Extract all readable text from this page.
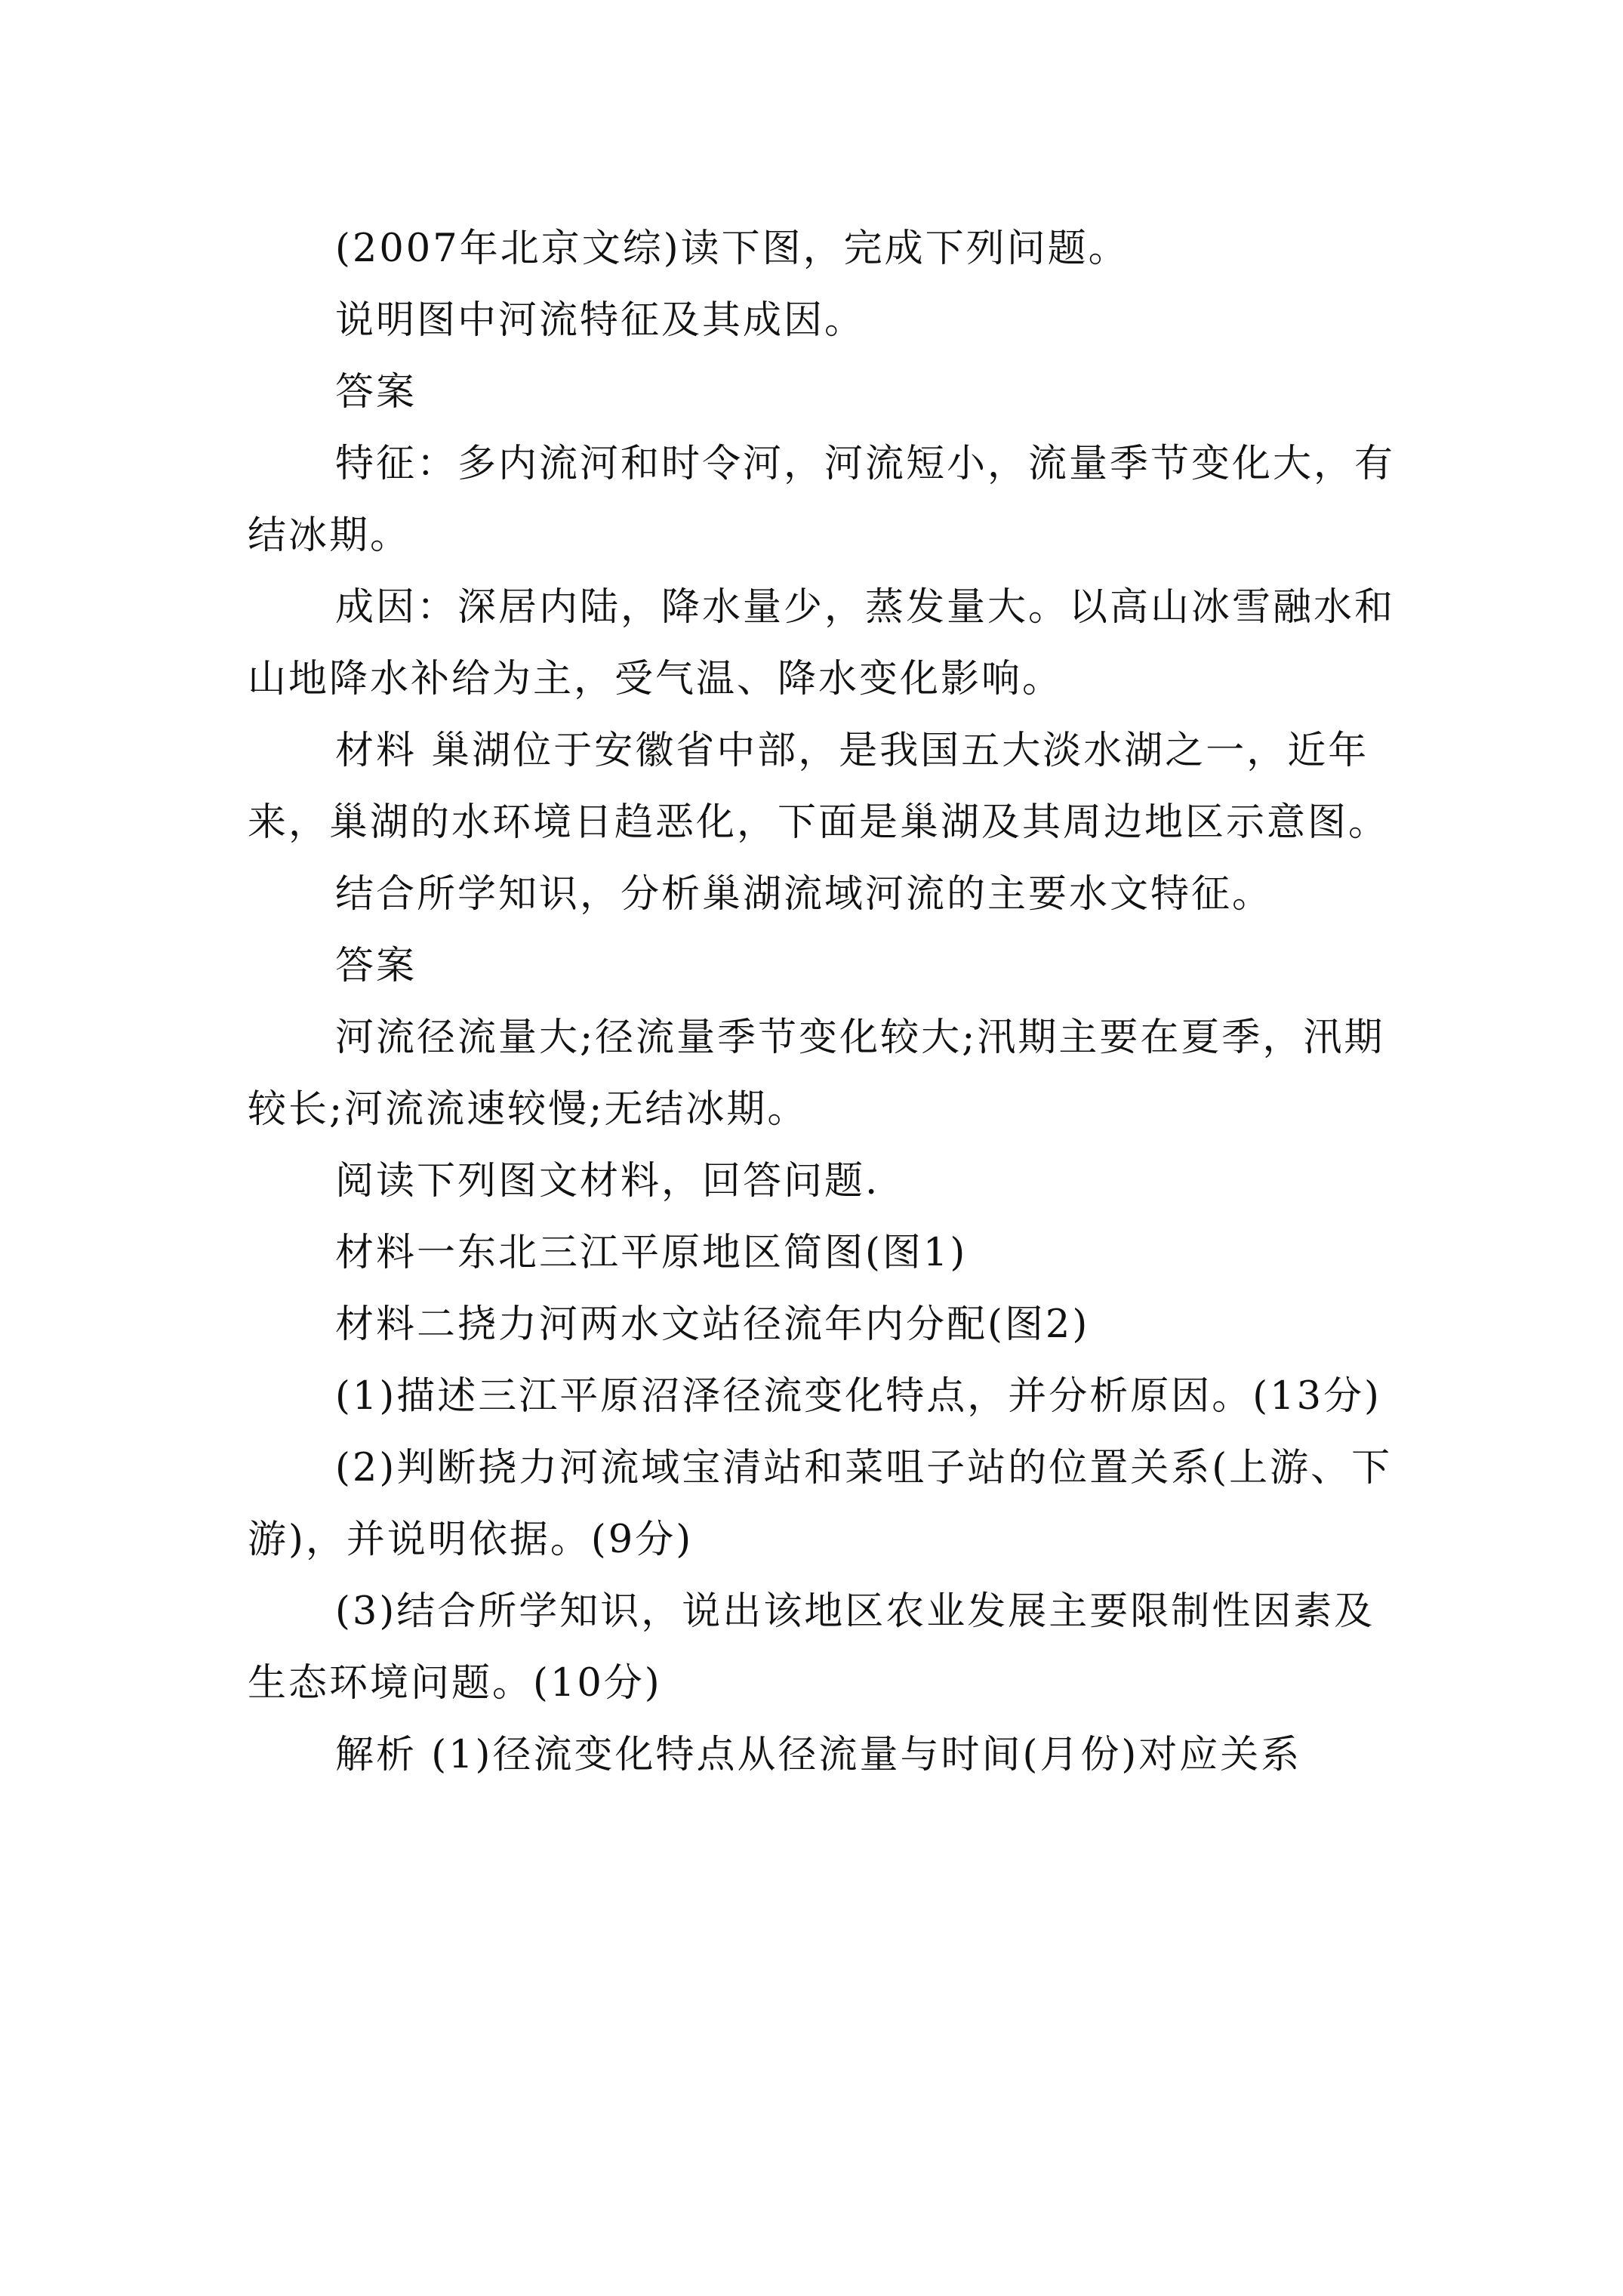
(2007年北京文综)读下图，完成下列问题。

说明图中河流特征及其成因。

答案

特征：多内流河和时令河，河流短小，流量季节变化大，有结冰期。

成因：深居内陆，降水量少，蒸发量大。以高山冰雪融水和山地降水补给为主，受气温、降水变化影响。

材料 巢湖位于安徽省中部，是我国五大淡水湖之一，近年来，巢湖的水环境日趋恶化，下面是巢湖及其周边地区示意图。

结合所学知识，分析巢湖流域河流的主要水文特征。

答案

河流径流量大;径流量季节变化较大;汛期主要在夏季，汛期较长;河流流速较慢;无结冰期。

阅读下列图文材料，回答问题.

材料一东北三江平原地区简图(图1)

材料二挠力河两水文站径流年内分配(图2)

(1)描述三江平原沼泽径流变化特点，并分析原因。(13分)

(2)判断挠力河流域宝清站和菜咀子站的位置关系(上游、下游)，并说明依据。(9分)

(3)结合所学知识，说出该地区农业发展主要限制性因素及生态环境问题。(10分)

解析 (1)径流变化特点从径流量与时间(月份)对应关系
